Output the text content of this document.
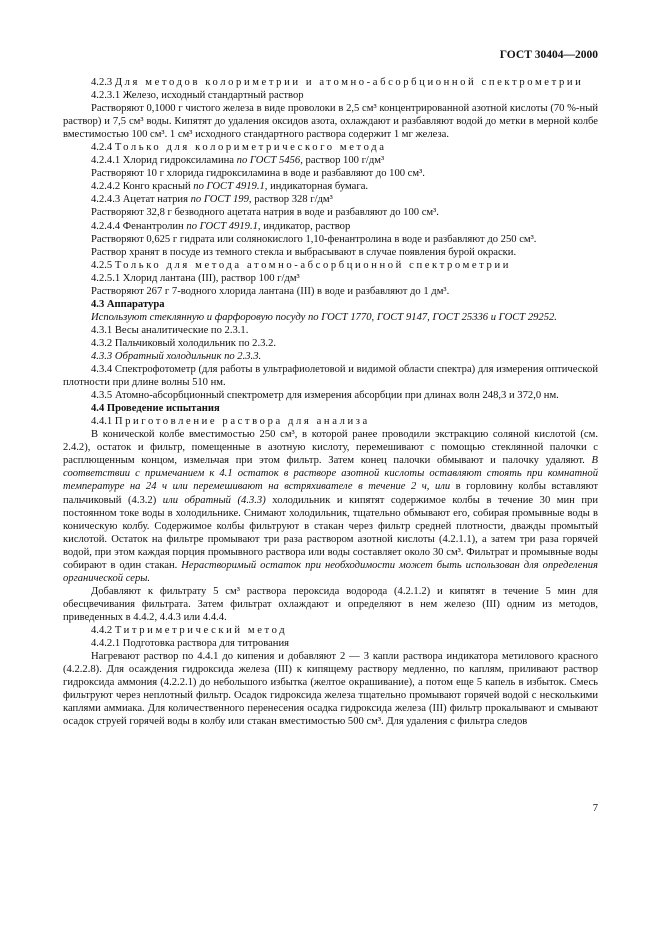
ГОСТ 30404—2000

4.2.3 Для методов колориметрии и атомно-абсорбционной спектрометрии

4.2.3.1 Железо, исходный стандартный раствор

Растворяют 0,1000 г чистого железа в виде проволоки в 2,5 см³ концентрированной азотной кислоты (70 %-ный раствор) и 7,5 см³ воды. Кипятят до удаления оксидов азота, охлаждают и разбавляют водой до метки в мерной колбе вместимостью 100 см³. 1 см³ исходного стандартного раствора содержит 1 мг железа.

4.2.4 Только для колориметрического метода

4.2.4.1 Хлорид гидроксиламина по ГОСТ 5456, раствор 100 г/дм³

Растворяют 10 г хлорида гидроксиламина в воде и разбавляют до 100 см³.

4.2.4.2 Конго красный по ГОСТ 4919.1, индикаторная бумага.

4.2.4.3 Ацетат натрия по ГОСТ 199, раствор 328 г/дм³

Растворяют 32,8 г безводного ацетата натрия в воде и разбавляют до 100 см³.

4.2.4.4 Фенантролин по ГОСТ 4919.1, индикатор, раствор

Растворяют 0,625 г гидрата или солянокислого 1,10-фенантролина в воде и разбавляют до 250 см³.

Раствор хранят в посуде из темного стекла и выбрасывают в случае появления бурой окраски.

4.2.5 Только для метода атомно-абсорбционной спектрометрии

4.2.5.1 Хлорид лантана (III), раствор 100 г/дм³

Растворяют 267 г 7-водного хлорида лантана (III) в воде и разбавляют до 1 дм³.

4.3 Аппаратура

Используют стеклянную и фарфоровую посуду по ГОСТ 1770, ГОСТ 9147, ГОСТ 25336 и ГОСТ 29252.

4.3.1 Весы аналитические по 2.3.1.

4.3.2 Пальчиковый холодильник по 2.3.2.

4.3.3 Обратный холодильник по 2.3.3.

4.3.4 Спектрофотометр (для работы в ультрафиолетовой и видимой области спектра) для измерения оптической плотности при длине волны 510 нм.

4.3.5 Атомно-абсорбционный спектрометр для измерения абсорбции при длинах волн 248,3 и 372,0 нм.

4.4 Проведение испытания

4.4.1 Приготовление раствора для анализа

В конической колбе вместимостью 250 см³, в которой ранее проводили экстракцию соляной кислотой (см. 2.4.2), остаток и фильтр, помещенные в азотную кислоту, перемешивают с помощью стеклянной палочки с расплющенным концом, измельчая при этом фильтр. Затем конец палочки обмывают и палочку удаляют. В соответствии с примечанием к 4.1 остаток в растворе азотной кислоты оставляют стоять при комнатной температуре на 24 ч или перемешивают на встряхивателе в течение 2 ч, или в горловину колбы вставляют пальчиковый (4.3.2) или обратный (4.3.3) холодильник и кипятят содержимое колбы в течение 30 мин при постоянном токе воды в холодильнике. Снимают холодильник, тщательно обмывают его, собирая промывные воды в коническую колбу. Содержимое колбы фильтруют в стакан через фильтр средней плотности, дважды промытый кислотой. Остаток на фильтре промывают три раза раствором азотной кислоты (4.2.1.1), а затем три раза горячей водой, при этом каждая порция промывного раствора или воды составляет около 30 см³. Фильтрат и промывные воды собирают в один стакан. Нерастворимый остаток при необходимости может быть использован для определения органической серы.

Добавляют к фильтрату 5 см³ раствора пероксида водорода (4.2.1.2) и кипятят в течение 5 мин для обесцвечивания фильтрата. Затем фильтрат охлаждают и определяют в нем железо (III) одним из методов, приведенных в 4.4.2, 4.4.3 или 4.4.4.

4.4.2 Титриметрический метод

4.4.2.1 Подготовка раствора для титрования

Нагревают раствор по 4.4.1 до кипения и добавляют 2 — 3 капли раствора индикатора метилового красного (4.2.2.8). Для осаждения гидроксида железа (III) к кипящему раствору медленно, по каплям, приливают раствор гидроксида аммония (4.2.2.1) до небольшого избытка (желтое окрашивание), а потом еще 5 капель в избыток. Смесь фильтруют через неплотный фильтр. Осадок гидроксида железа тщательно промывают горячей водой с несколькими каплями аммиака. Для количественного перенесения осадка гидроксида железа (III) фильтр прокалывают и смывают осадок струей горячей воды в колбу или стакан вместимостью 500 см³. Для удаления с фильтра следов

7
